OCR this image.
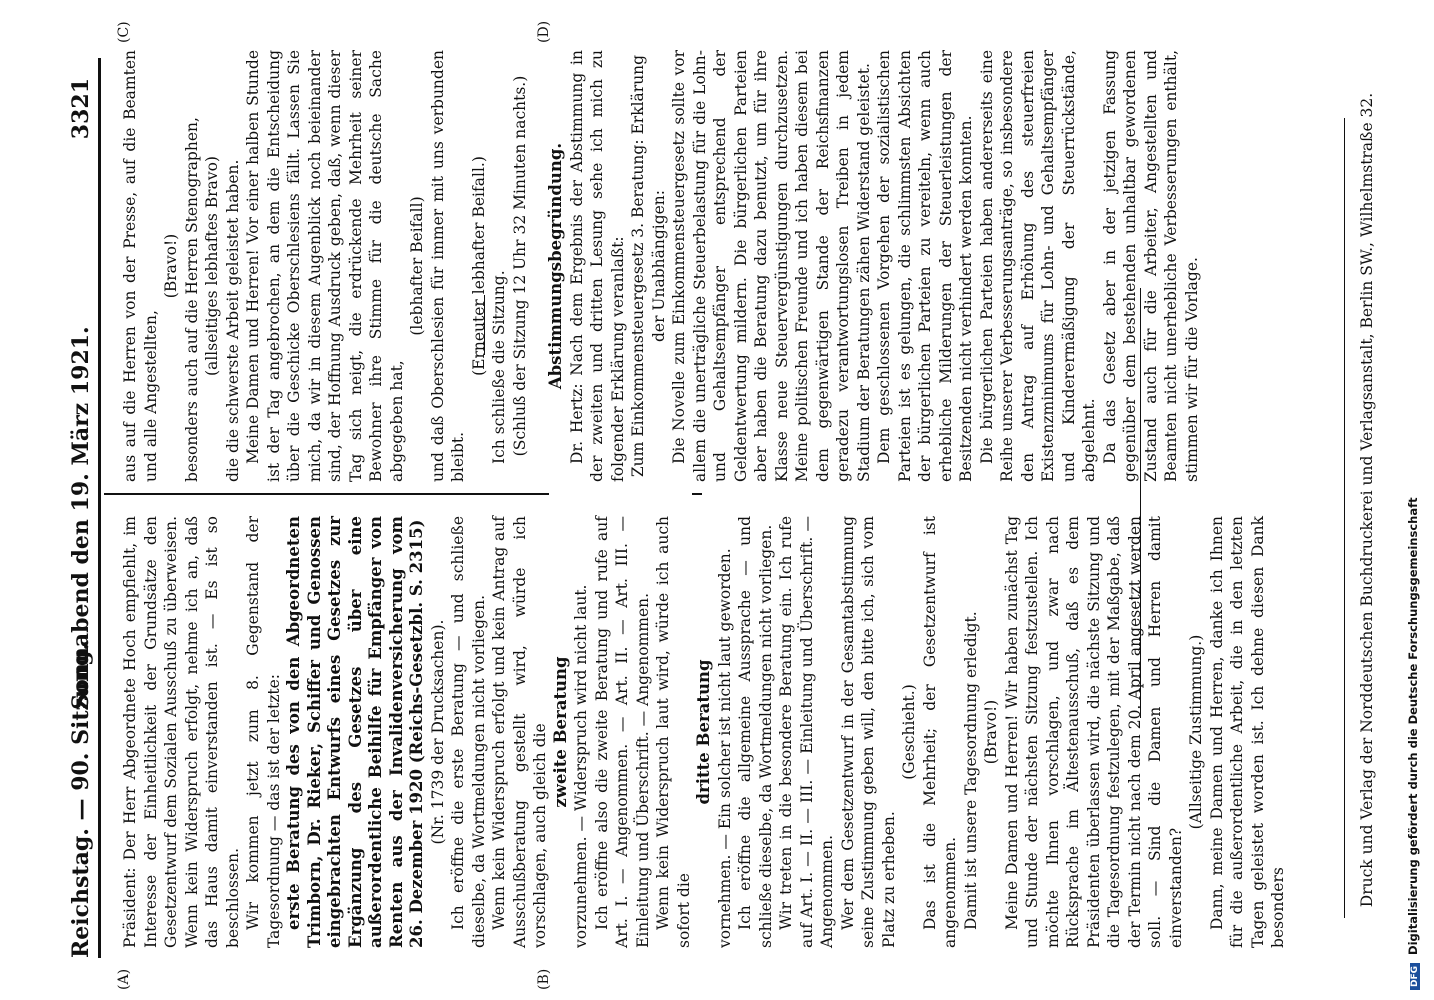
Reichstag. — 90. Sitzung.
Sonnabend den 19. März 1921.
3321
(A)	(B)
(C)	(D)

Präsident: Der Herr Abgeordnete Hoch empfiehlt, im Interesse der Einheitlichkeit der Grundsätze den Gesetzentwurf dem Sozialen Ausschuß zu überweisen. Wenn kein Widerspruch erfolgt, nehme ich an, daß das Haus damit einverstanden ist. — Es ist so beschlossen. Wir kommen jetzt zum 8. Gegenstand der Tagesordnung — das ist der letzte: erste Beratung des von den Abgeordneten Trimborn, Dr. Rieker, Schiffer und Genossen eingebrachten Entwurfs eines Gesetzes zur Ergänzung des Gesetzes über eine außerordentliche Beihilfe für Empfänger von Renten aus der Invalidenversicherung vom 26. Dezember 1920 (Reichs-Gesetzbl. S. 2315) (Nr. 1739 der Drucksachen). Ich eröffne die erste Beratung — und schließe dieselbe, da Wortmeldungen nicht vorliegen. Wenn kein Widerspruch erfolgt und kein Antrag auf Ausschußberatung gestellt wird, würde ich vorschlagen, auch gleich die zweite Beratung vorzunehmen. — Widerspruch wird nicht laut. Ich eröffne also die zweite Beratung und rufe auf Art. I. — Angenommen. — Art. II. — Art. III. — Einleitung und Überschrift. — Angenommen. Wenn kein Widerspruch laut wird, würde ich auch sofort die

dritte Beratung vornehmen. — Ein solcher ist nicht laut geworden. Ich eröffne die allgemeine Aussprache — und schließe dieselbe, da Wortmeldungen nicht vorliegen. Wir treten in die besondere Beratung ein. Ich rufe auf Art. I. — II. — III. — Einleitung und Überschrift. — Angenommen. Wer dem Gesetzentwurf in der Gesamtabstimmung seine Zustimmung geben will, den bitte ich, sich vom Platz zu erheben.

(Geschieht.) Das ist die Mehrheit; der Gesetzentwurf ist angenommen. Damit ist unsere Tagesordnung erledigt. (Bravo!) Meine Damen und Herren! Wir haben zunächst Tag und Stunde der nächsten Sitzung festzustellen. Ich möchte Ihnen vorschlagen, und zwar nach Rücksprache im Ältestenausschuß, daß es dem Präsidenten überlassen wird, die nächste Sitzung und die Tagesordnung festzulegen, mit der Maßgabe, daß der Termin nicht nach dem 20. April angesetzt werden soll. — Sind die Damen und Herren damit einverstanden?

(Allseitige Zustimmung.) Dann, meine Damen und Herren, danke ich Ihnen für die außerordentliche Arbeit, die in den letzten Tagen geleistet worden ist. Ich dehne diesen Dank besonders

aus auf die Herren von der Presse, auf die Beamten und alle Angestellten,

(Bravo!) besonders auch auf die Herren Stenographen, (allseitiges lebhaftes Bravo) die die schwerste Arbeit geleistet haben. Meine Damen und Herren! Vor einer halben Stunde ist der Tag angebrochen, an dem die Entscheidung über die Geschicke Oberschlesiens fällt. Lassen Sie mich, da wir in diesem Augenblick noch beieinander sind, der Hoffnung Ausdruck geben, daß, wenn dieser Tag sich neigt, die erdrückende Mehrheit seiner Bewohner ihre Stimme für die deutsche Sache abgegeben hat,

(lebhafter Beifall) und daß Oberschlesien für immer mit uns verbunden bleibt.

(Erneuter lebhafter Beifall.) Ich schließe die Sitzung. (Schluß der Sitzung 12 Uhr 32 Minuten nachts.) Abstimmungsbegründung. Dr. Hertz: Nach dem Ergebnis der Abstimmung in der zweiten und dritten Lesung sehe ich mich zu folgender Erklärung veranlaßt: Zum Einkommensteuergesetz 3. Beratung: Erklärung der Unabhängigen: Die Novelle zum Einkommensteuergesetz sollte vor allem die unerträgliche Steuerbelastung für die Lohn- und Gehaltsempfänger entsprechend der Geldentwertung mildern. Die bürgerlichen Parteien aber haben die Beratung dazu benutzt, um für ihre Klasse neue Steuervergünstigungen durchzusetzen. Meine politischen Freunde und ich haben diesem bei dem gegenwärtigen Stande der Reichsfinanzen geradezu verantwortungslosen Treiben in jedem Stadium der Beratungen zähen Widerstand geleistet. Dem geschlossenen Vorgehen der sozialistischen Parteien ist es gelungen, die schlimmsten Absichten der bürgerlichen Parteien zu vereiteln, wenn auch erhebliche Milderungen der Steuerleistungen der Besitzenden nicht verhindert werden konnten. Die bürgerlichen Parteien haben andererseits eine Reihe unserer Verbesserungsanträge, so insbesondere den Antrag auf Erhöhung des steuerfreien Existenzminimums für Lohn- und Gehaltsempfänger und Kinderermäßigung der Steuerrückstände, abgelehnt. Da das Gesetz aber in der jetzigen Fassung gegenüber dem bestehenden unhaltbar gewordenen Zustand auch für die Arbeiter, Angestellten und Beamten nicht unerhebliche Verbesserungen enthält, stimmen wir für die Vorlage.	Druck und Verlag der Norddeutschen Buchdruckerei und Verlagsanstalt, Berlin SW., Wilhelmstraße 32.
DFG Digitalisierung gefördert durch die Deutsche Forschungsgemeinschaft
